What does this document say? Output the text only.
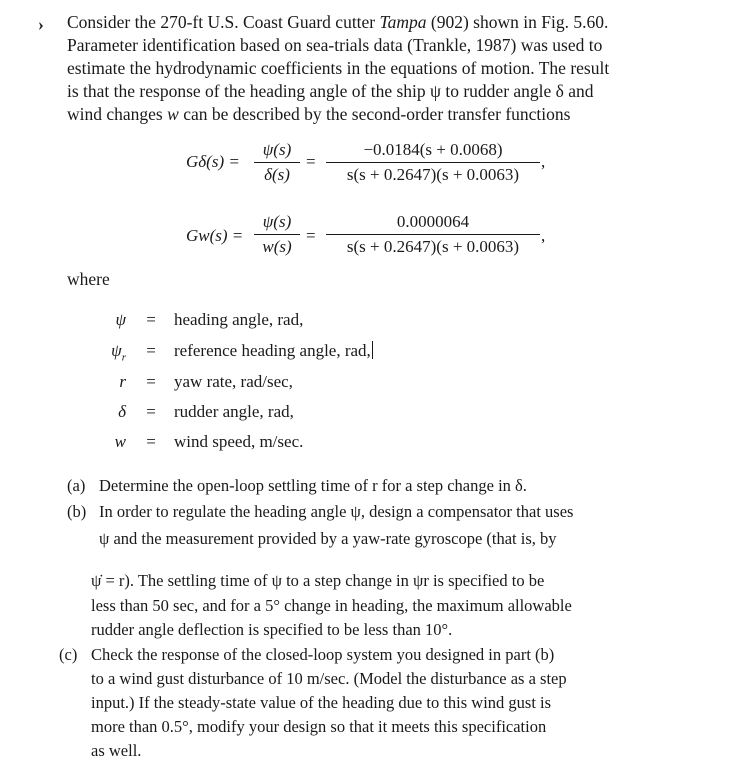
› Consider the 270-ft U.S. Coast Guard cutter Tampa (902) shown in Fig. 5.60.
Parameter identification based on sea-trials data (Trankle, 1987) was used to
estimate the hydrodynamic coefficients in the equations of motion. The result
is that the response of the heading angle of the ship ψ to rudder angle δ and
wind changes w can be described by the second-order transfer functions
Gδ(s) =
ψ(s)
δ(s)
=
−0.0184(s + 0.0068)
s(s + 0.2647)(s + 0.0063)
,
Gw(s) =
ψ(s)
w(s)
=
0.0000064
s(s + 0.2647)(s + 0.0063)
,
where
ψ	=	heading angle, rad,
$\psi_r$	=	reference heading angle, rad,
r	=	yaw rate, rad/sec,
δ	=	rudder angle, rad,
w	=	wind speed, m/sec.
(a) Determine the open-loop settling time of r for a step change in δ.
(b) In order to regulate the heading angle ψ, design a compensator that uses
ψ and the measurement provided by a yaw-rate gyroscope (that is, by
ψ̇ = r). The settling time of ψ to a step change in ψr is specified to be
less than 50 sec, and for a 5° change in heading, the maximum allowable
rudder angle deflection is specified to be less than 10°.
(c) Check the response of the closed-loop system you designed in part (b)
to a wind gust disturbance of 10 m/sec. (Model the disturbance as a step
input.) If the steady-state value of the heading due to this wind gust is
more than 0.5°, modify your design so that it meets this specification
as well.
